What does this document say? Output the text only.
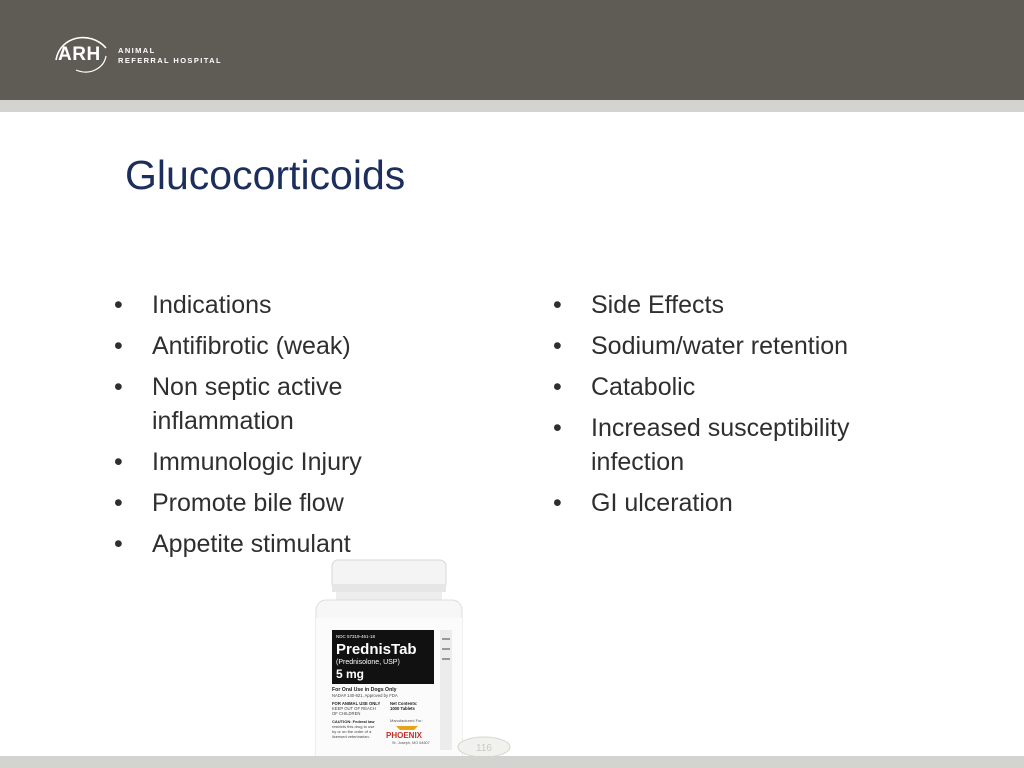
ARH ANIMAL
REFERRAL HOSPITAL
Glucocorticoids
• Indications
• Antifibrotic (weak)
• Non septic active inflammation
• Immunologic Injury
• Promote bile flow
• Appetite stimulant
• Side Effects
• Sodium/water retention
• Catabolic
• Increased susceptibility infection
• GI ulceration
NDC 57319-461-18
PrednisTab
(Prednisolone, USP)
5 mg
For Oral Use in Dogs Only
NADA# 140-921, Approved by FDA
FOR ANIMAL USE ONLY
KEEP OUT OF REACH
OF CHILDREN
Net Contents:
1000 Tablets
CAUTION: Federal law
restricts this drug to use
by or on the order of a
licensed veterinarian.
Manufactured For:
PHOENIX
St. Joseph, MO 64507	116
